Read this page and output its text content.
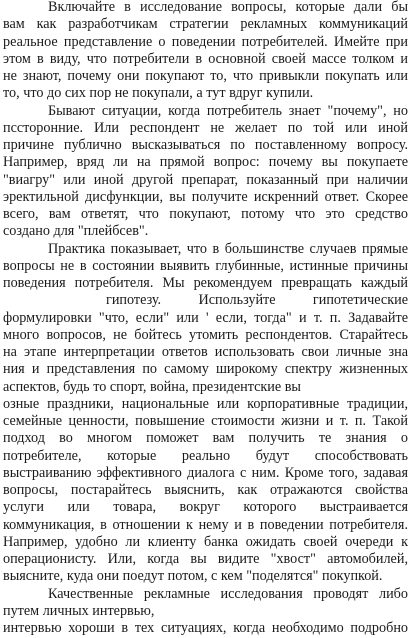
Включайте в исследование вопросы, которые дали бы
вам как разработчикам стратегии рекламных коммуникаций
реальное представление о поведении потребителей. Имейте при
этом в виду, что потребители в основной своей массе толком и
не знают, почему они покупают то, что привыкли покупать или
то, что до сих пор не покупали, а тут вдруг купили.
Бывают ситуации, когда потребитель знает "почему", но
пссторонние. Или респондент не желает по той или иной
причине публично высказываться по поставленному вопросу.
Например, вряд ли на прямой вопрос: почему вы покупаете
"виагру" или иной другой препарат, показанный при наличии
эректильной дисфункции, вы получите искренний ответ. Скорее
всего, вам ответят, что покупают, потому что это средство
создано для "плейбсев".
Практика показывает, что в большинстве случаев прямые
вопросы не в состоянии выявить глубинные, истинные причины
поведения потребителя. Мы рекомендуем превращать каждый
гипотезу. Используйте гипотетические
формулировки "что, если" или ' если, тогда" и т. п. Задавайте
много вопросов, не бойтесь утомить респондентов. Старайтесь
на этапе интерпретации ответов использовать свои личные зна
ния и представления по самому широкому спектру жизненных
аспектов, будь то спорт, война, президентские вы
озные праздники, национальные или корпоративные традиции,
семейные ценности, повышение стоимости жизни и т. п. Такой
подход во многом поможет вам получить те знания о
потребителе, которые реально будут способствовать
выстраиванию эффективного диалога с ним. Кроме того, задавая
вопросы, постарайтесь выяснить, как отражаются свойства
услуги или товара, вокруг которого выстраивается
коммуникация, в отношении к нему и в поведении потребителя.
Например, удобно ли клиенту банка ожидать своей очереди к
операционисту. Или, когда вы видите "хвост" автомобилей,
выясните, куда они поедут потом, с кем "поделятся" покупкой.
Качественные рекламные исследования проводят либо
путем личных интервью,
интервью хороши в тех ситуациях, когда необходимо подробно
